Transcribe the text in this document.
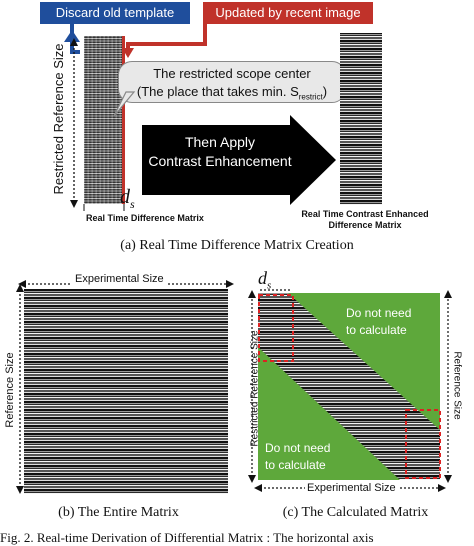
Discard old template	Updated by recent image
Restricted Reference Size	The restricted scope center
(The place that takes min. $S_{restrict}$)
Then Apply
Contrast Enhancement
$d_s$
Real Time Difference Matrix	Real Time Contrast Enhanced
Difference Matrix
(a) Real Time Difference Matrix Creation
Experimental Size
Reference Size
(b) The Entire Matrix
$d_s$
Do not need
to calculate
Do not need
to calculate
Restricted Reference Size	Reference Size
Experimental Size
(c) The Calculated Matrix
Fig. 2. Real-time Derivation of Differential Matrix : The horizontal axis
